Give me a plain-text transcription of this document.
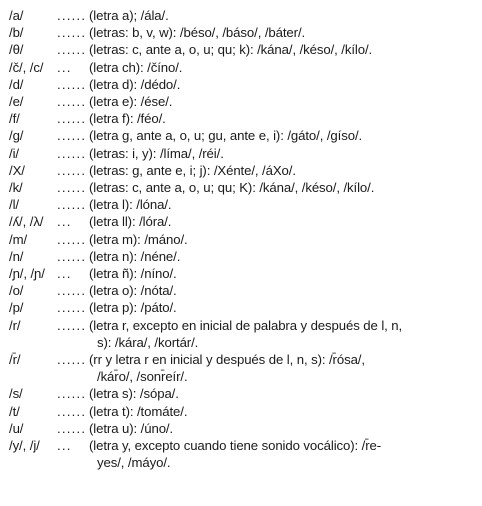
/a/	...... (letra a); /ála/.
/b/	...... (letras: b, v, w): /béso/, /báso/, /báter/.
/θ/	...... (letras: c, ante a, o, u; qu; k): /kána/, /késo/, /kílo/.
/č/, /c/	...	(letra ch): /číno/.
/d/	...... (letra d): /dédo/.
/e/	...... (letra e): /ése/.
/f/	...... (letra f): /féo/.
/g/	...... (letra g, ante a, o, u; gu, ante e, i): /gáto/, /gíso/.
/i/	...... (letras: i, y): /líma/, /réi/.
/X/	...... (letras: g, ante e, i; j): /Xénte/, /áXo/.
/k/	...... (letras: c, ante a, o, u; qu; K): /kána/, /késo/, /kílo/.
/l/	...... (letra l): /lóna/.
/ʎ/, /λ/	...	(letra ll): /lóra/.
/m/	...... (letra m): /máno/.
/n/	...... (letra n): /néne/.
/ɲ/, /ɲ/ ...	(letra ñ): /níno/.
/o/	...... (letra o): /nóta/.
/p/	...... (letra p): /páto/.
/r/	...... (letra r, excepto en inicial de palabra y después de l, n,
s): /kára/, /kortár/.
/r̄/	...... (rr y letra r en inicial y después de l, n, s): /r̄ósa/,
/kár̄o/, /sonr̄eír/.
/s/	...... (letra s): /sópa/.
/t/	...... (letra t): /tomáte/.
/u/	...... (letra u): /úno/.
/y/, /j/	...	(letra y, excepto cuando tiene sonido vocálico): /r̄e-
yes/, /máyo/.
